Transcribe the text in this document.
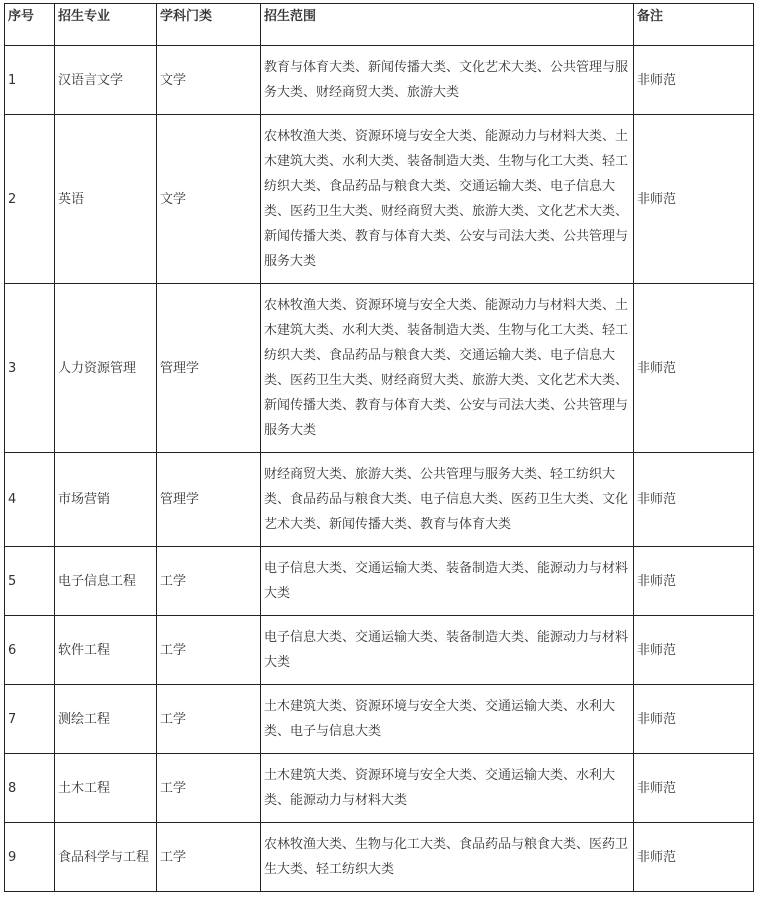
序号	招生专业	学科门类	招生范围	备注
1	汉语言文学	文学	教育与体育大类、新闻传播大类、文化艺术大类、公共管理与服务大类、财经商贸大类、旅游大类	非师范
2	英语	文学	农林牧渔大类、资源环境与安全大类、能源动力与材料大类、土木建筑大类、水利大类、装备制造大类、生物与化工大类、轻工纺织大类、食品药品与粮食大类、交通运输大类、电子信息大类、医药卫生大类、财经商贸大类、旅游大类、文化艺术大类、新闻传播大类、教育与体育大类、公安与司法大类、公共管理与服务大类	非师范
3	人力资源管理	管理学	农林牧渔大类、资源环境与安全大类、能源动力与材料大类、土木建筑大类、水利大类、装备制造大类、生物与化工大类、轻工纺织大类、食品药品与粮食大类、交通运输大类、电子信息大类、医药卫生大类、财经商贸大类、旅游大类、文化艺术大类、新闻传播大类、教育与体育大类、公安与司法大类、公共管理与服务大类	非师范
4	市场营销	管理学	财经商贸大类、旅游大类、公共管理与服务大类、轻工纺织大类、食品药品与粮食大类、电子信息大类、医药卫生大类、文化艺术大类、新闻传播大类、教育与体育大类	非师范
5	电子信息工程	工学	电子信息大类、交通运输大类、装备制造大类、能源动力与材料大类	非师范
6	软件工程	工学	电子信息大类、交通运输大类、装备制造大类、能源动力与材料大类	非师范
7	测绘工程	工学	土木建筑大类、资源环境与安全大类、交通运输大类、水利大类、电子与信息大类	非师范
8	土木工程	工学	土木建筑大类、资源环境与安全大类、交通运输大类、水利大类、能源动力与材料大类	非师范
9	食品科学与工程	工学	农林牧渔大类、生物与化工大类、食品药品与粮食大类、医药卫生大类、轻工纺织大类	非师范
